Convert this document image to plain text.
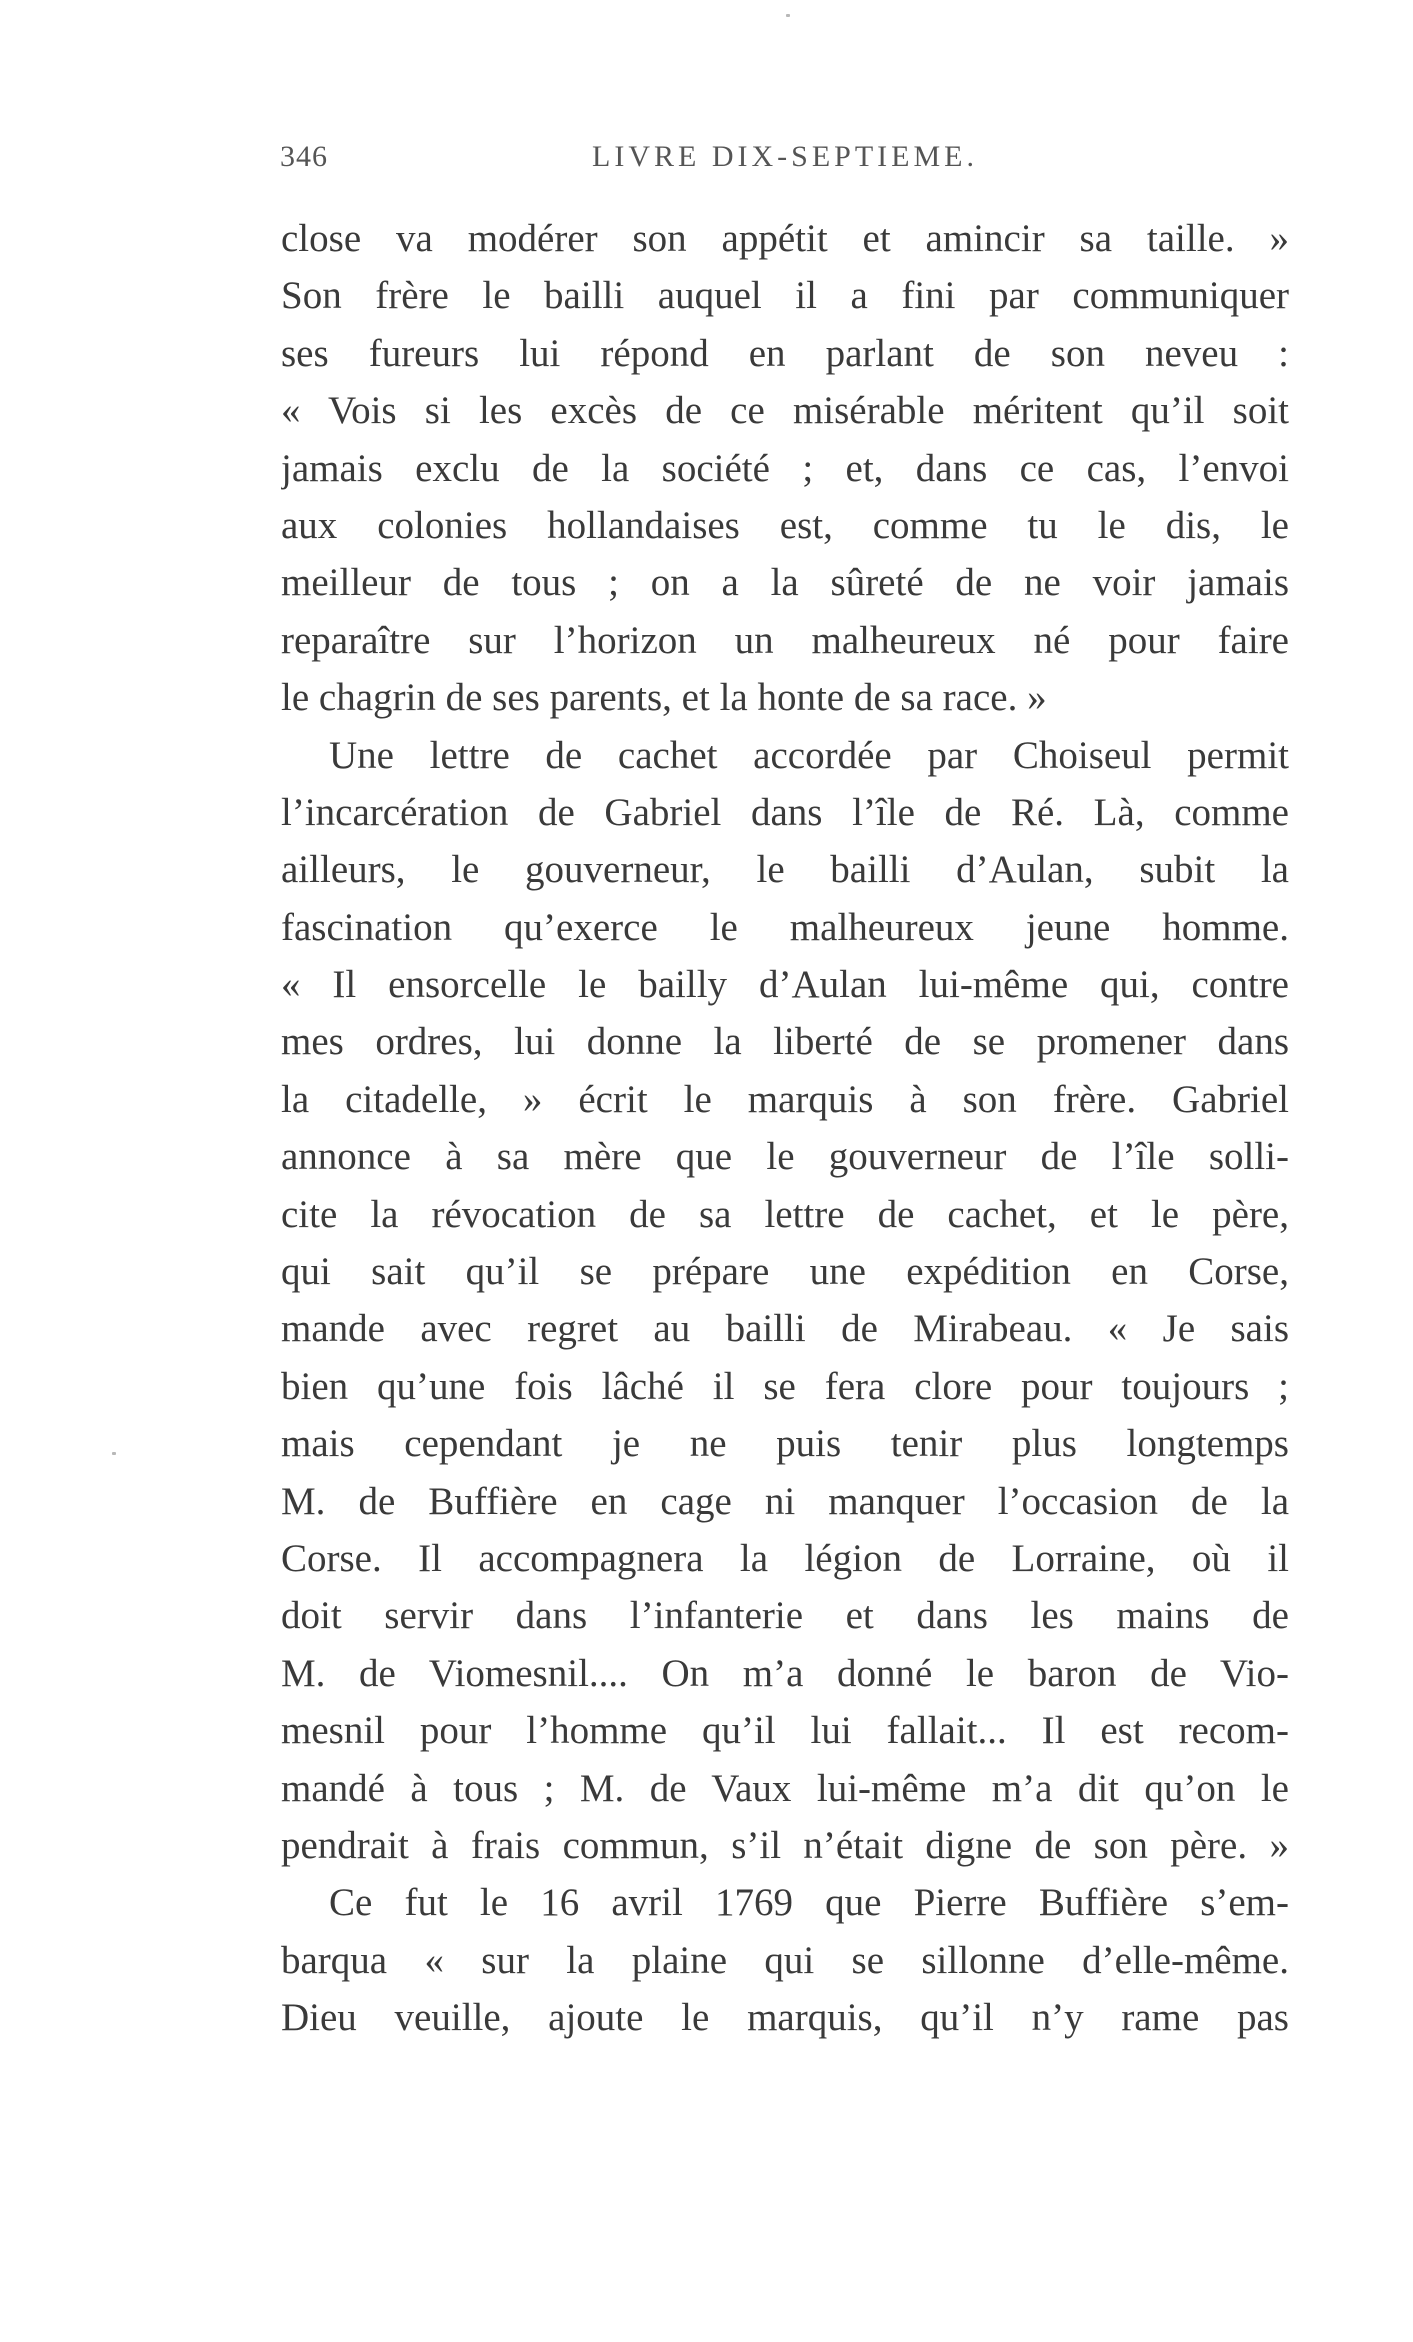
346	LIVRE DIX-SEPTIEME.
close va modérer son appétit et amincir sa taille. »
Son frère le bailli auquel il a fini par communiquer
ses fureurs lui répond en parlant de son neveu :
« Vois si les excès de ce misérable méritent qu’il soit
jamais exclu de la société ; et, dans ce cas, l’envoi
aux colonies hollandaises est, comme tu le dis, le
meilleur de tous ; on a la sûreté de ne voir jamais
reparaître sur l’horizon un malheureux né pour faire
le chagrin de ses parents, et la honte de sa race. »
Une lettre de cachet accordée par Choiseul permit
l’incarcération de Gabriel dans l’île de Ré. Là, comme
ailleurs, le gouverneur, le bailli d’Aulan, subit la
fascination qu’exerce le malheureux jeune homme.
« Il ensorcelle le bailly d’Aulan lui-même qui, contre
mes ordres, lui donne la liberté de se promener dans
la citadelle, » écrit le marquis à son frère. Gabriel
annonce à sa mère que le gouverneur de l’île solli-
cite la révocation de sa lettre de cachet, et le père,
qui sait qu’il se prépare une expédition en Corse,
mande avec regret au bailli de Mirabeau. « Je sais
bien qu’une fois lâché il se fera clore pour toujours ;
mais cependant je ne puis tenir plus longtemps
M. de Buffière en cage ni manquer l’occasion de la
Corse. Il accompagnera la légion de Lorraine, où il
doit servir dans l’infanterie et dans les mains de
M. de Viomesnil.... On m’a donné le baron de Vio-
mesnil pour l’homme qu’il lui fallait... Il est recom-
mandé à tous ; M. de Vaux lui-même m’a dit qu’on le
pendrait à frais commun, s’il n’était digne de son père. »
Ce fut le 16 avril 1769 que Pierre Buffière s’em-
barqua « sur la plaine qui se sillonne d’elle-même.
Dieu veuille, ajoute le marquis, qu’il n’y rame pas
